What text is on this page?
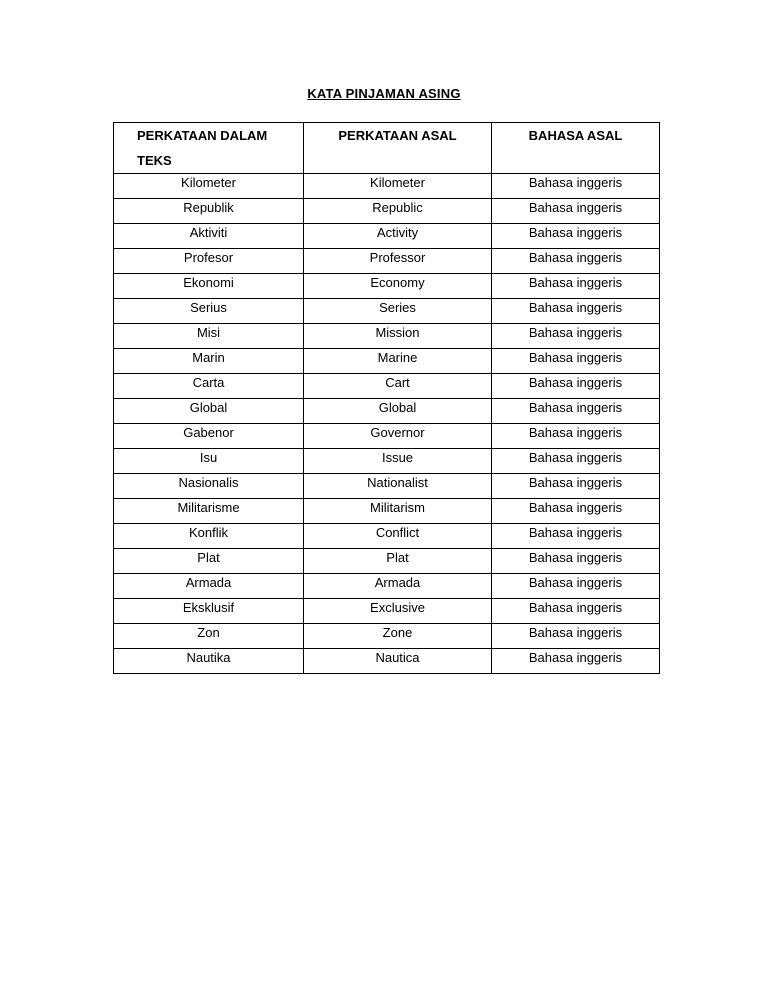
KATA PINJAMAN ASING
PERKATAAN DALAM TEKS	PERKATAAN ASAL	BAHASA ASAL
Kilometer	Kilometer	Bahasa inggeris
Republik	Republic	Bahasa inggeris
Aktiviti	Activity	Bahasa inggeris
Profesor	Professor	Bahasa inggeris
Ekonomi	Economy	Bahasa inggeris
Serius	Series	Bahasa inggeris
Misi	Mission	Bahasa inggeris
Marin	Marine	Bahasa inggeris
Carta	Cart	Bahasa inggeris
Global	Global	Bahasa inggeris
Gabenor	Governor	Bahasa inggeris
Isu	Issue	Bahasa inggeris
Nasionalis	Nationalist	Bahasa inggeris
Militarisme	Militarism	Bahasa inggeris
Konflik	Conflict	Bahasa inggeris
Plat	Plat	Bahasa inggeris
Armada	Armada	Bahasa inggeris
Eksklusif	Exclusive	Bahasa inggeris
Zon	Zone	Bahasa inggeris
Nautika	Nautica	Bahasa inggeris
